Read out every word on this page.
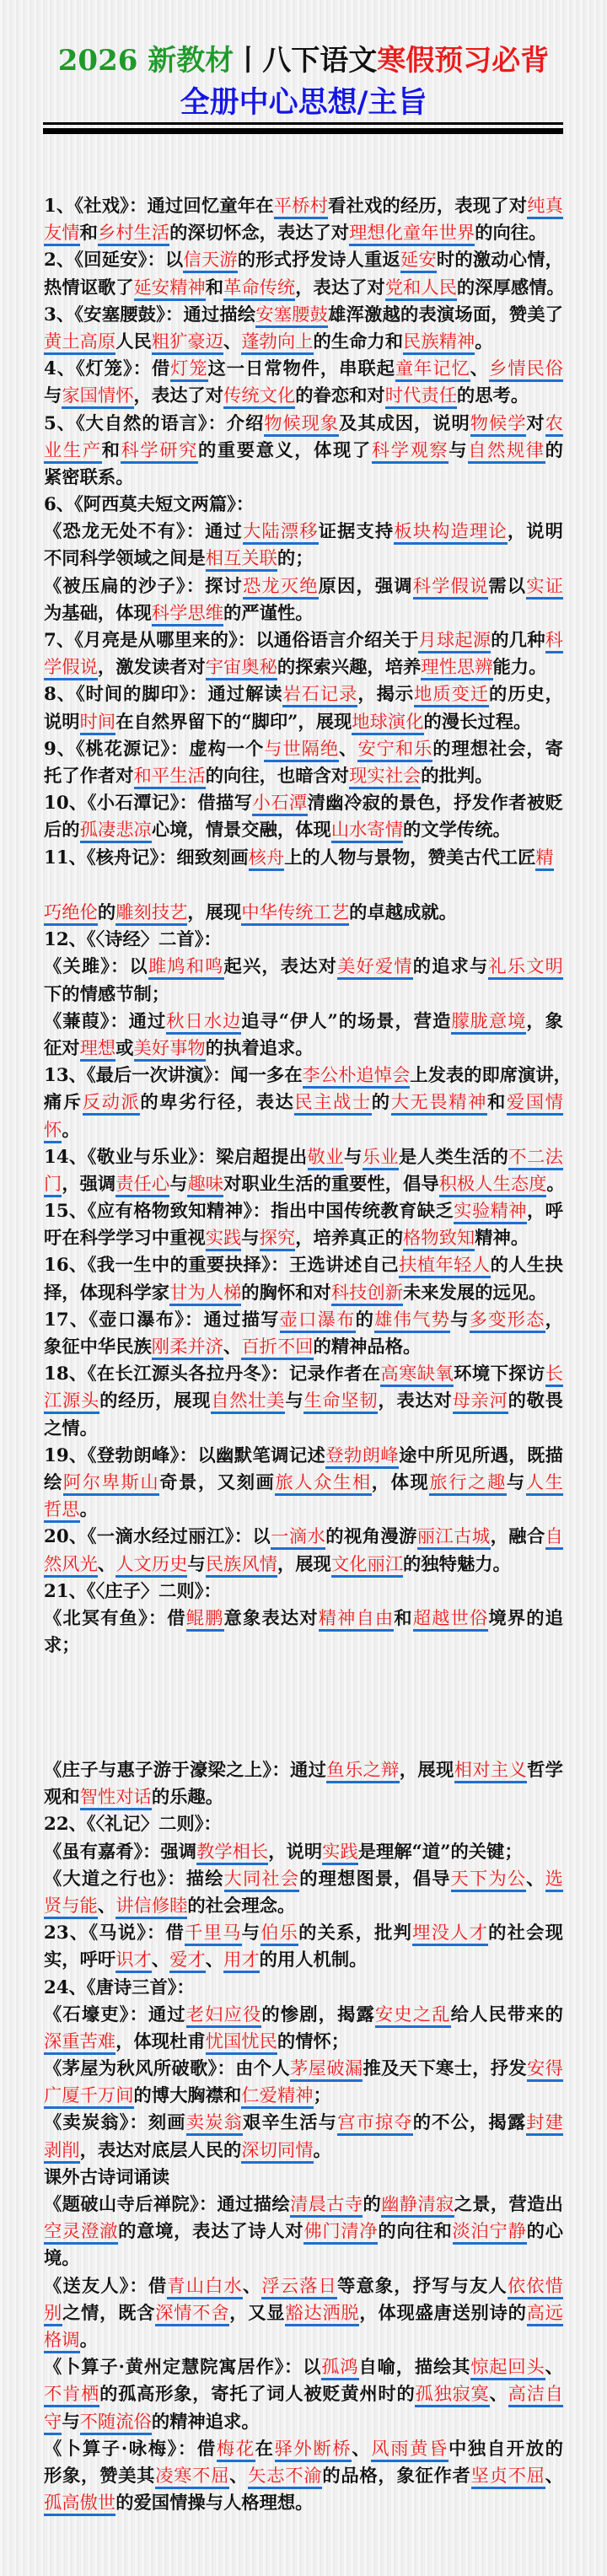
2026 新教材丨八下语文寒假预习必背
全册中心思想/主旨
1、《社戏》：通过回忆童年在平桥村看社戏的经历，表现了对纯真
友情和乡村生活的深切怀念，表达了对理想化童年世界的向往。
2、《回延安》：以信天游的形式抒发诗人重返延安时的激动心情，
热情讴歌了延安精神和革命传统，表达了对党和人民的深厚感情。
3、《安塞腰鼓》：通过描绘安塞腰鼓雄浑激越的表演场面，赞美了
黄土高原人民粗犷豪迈、蓬勃向上的生命力和民族精神。
4、《灯笼》：借灯笼这一日常物件，串联起童年记忆、乡情民俗
与家国情怀，表达了对传统文化的眷恋和对时代责任的思考。
5、《大自然的语言》：介绍物候现象及其成因，说明物候学对农
业生产和科学研究的重要意义，体现了科学观察与自然规律的
紧密联系。
6、《阿西莫夫短文两篇》：
《恐龙无处不有》：通过大陆漂移证据支持板块构造理论，说明
不同科学领域之间是相互关联的；
《被压扁的沙子》：探讨恐龙灭绝原因，强调科学假说需以实证
为基础，体现科学思维的严谨性。
7、《月亮是从哪里来的》：以通俗语言介绍关于月球起源的几种科
学假说，激发读者对宇宙奥秘的探索兴趣，培养理性思辨能力。
8、《时间的脚印》：通过解读岩石记录，揭示地质变迁的历史，
说明时间在自然界留下的“脚印”，展现地球演化的漫长过程。
9、《桃花源记》：虚构一个与世隔绝、安宁和乐的理想社会，寄
托了作者对和平生活的向往，也暗含对现实社会的批判。
10、《小石潭记》：借描写小石潭清幽冷寂的景色，抒发作者被贬
后的孤凄悲凉心境，情景交融，体现山水寄情的文学传统。
11、《核舟记》：细致刻画核舟上的人物与景物，赞美古代工匠精
巧绝伦的雕刻技艺，展现中华传统工艺的卓越成就。
12、《〈诗经〉二首》：
《关雎》：以雎鸠和鸣起兴，表达对美好爱情的追求与礼乐文明
下的情感节制；
《蒹葭》：通过秋日水边追寻“伊人”的场景，营造朦胧意境，象
征对理想或美好事物的执着追求。
13、《最后一次讲演》：闻一多在李公朴追悼会上发表的即席演讲，
痛斥反动派的卑劣行径，表达民主战士的大无畏精神和爱国情
怀。
14、《敬业与乐业》：梁启超提出敬业与乐业是人类生活的不二法
门，强调责任心与趣味对职业生活的重要性，倡导积极人生态度。
15、《应有格物致知精神》：指出中国传统教育缺乏实验精神，呼
吁在科学学习中重视实践与探究，培养真正的格物致知精神。
16、《我一生中的重要抉择》：王选讲述自己扶植年轻人的人生抉
择，体现科学家甘为人梯的胸怀和对科技创新未来发展的远见。
17、《壶口瀑布》：通过描写壶口瀑布的雄伟气势与多变形态，
象征中华民族刚柔并济、百折不回的精神品格。
18、《在长江源头各拉丹冬》：记录作者在高寒缺氧环境下探访长
江源头的经历，展现自然壮美与生命坚韧，表达对母亲河的敬畏
之情。
19、《登勃朗峰》：以幽默笔调记述登勃朗峰途中所见所遇，既描
绘阿尔卑斯山奇景，又刻画旅人众生相，体现旅行之趣与人生
哲思。
20、《一滴水经过丽江》：以一滴水的视角漫游丽江古城，融合自
然风光、人文历史与民族风情，展现文化丽江的独特魅力。
21、《〈庄子〉二则》：
《北冥有鱼》：借鲲鹏意象表达对精神自由和超越世俗境界的追
求；
《庄子与惠子游于濠梁之上》：通过鱼乐之辩，展现相对主义哲学
观和智性对话的乐趣。
22、《〈礼记〉二则》：
《虽有嘉肴》：强调教学相长，说明实践是理解“道”的关键；
《大道之行也》：描绘大同社会的理想图景，倡导天下为公、选
贤与能、讲信修睦的社会理念。
23、《马说》：借千里马与伯乐的关系，批判埋没人才的社会现
实，呼吁识才、爱才、用才的用人机制。
24、《唐诗三首》：
《石壕吏》：通过老妇应役的惨剧，揭露安史之乱给人民带来的
深重苦难，体现杜甫忧国忧民的情怀；
《茅屋为秋风所破歌》：由个人茅屋破漏推及天下寒士，抒发安得
广厦千万间的博大胸襟和仁爱精神；
《卖炭翁》：刻画卖炭翁艰辛生活与宫市掠夺的不公，揭露封建
剥削，表达对底层人民的深切同情。
课外古诗词诵读
《题破山寺后禅院》：通过描绘清晨古寺的幽静清寂之景，营造出
空灵澄澈的意境，表达了诗人对佛门清净的向往和淡泊宁静的心
境。
《送友人》：借青山白水、浮云落日等意象，抒写与友人依依惜
别之情，既含深情不舍，又显豁达洒脱，体现盛唐送别诗的高远
格调。
《卜算子·黄州定慧院寓居作》：以孤鸿自喻，描绘其惊起回头、
不肯栖的孤高形象，寄托了词人被贬黄州时的孤独寂寞、高洁自
守与不随流俗的精神追求。
《卜算子·咏梅》：借梅花在驿外断桥、风雨黄昏中独自开放的
形象，赞美其凌寒不屈、矢志不渝的品格，象征作者坚贞不屈、
孤高傲世的爱国情操与人格理想。
